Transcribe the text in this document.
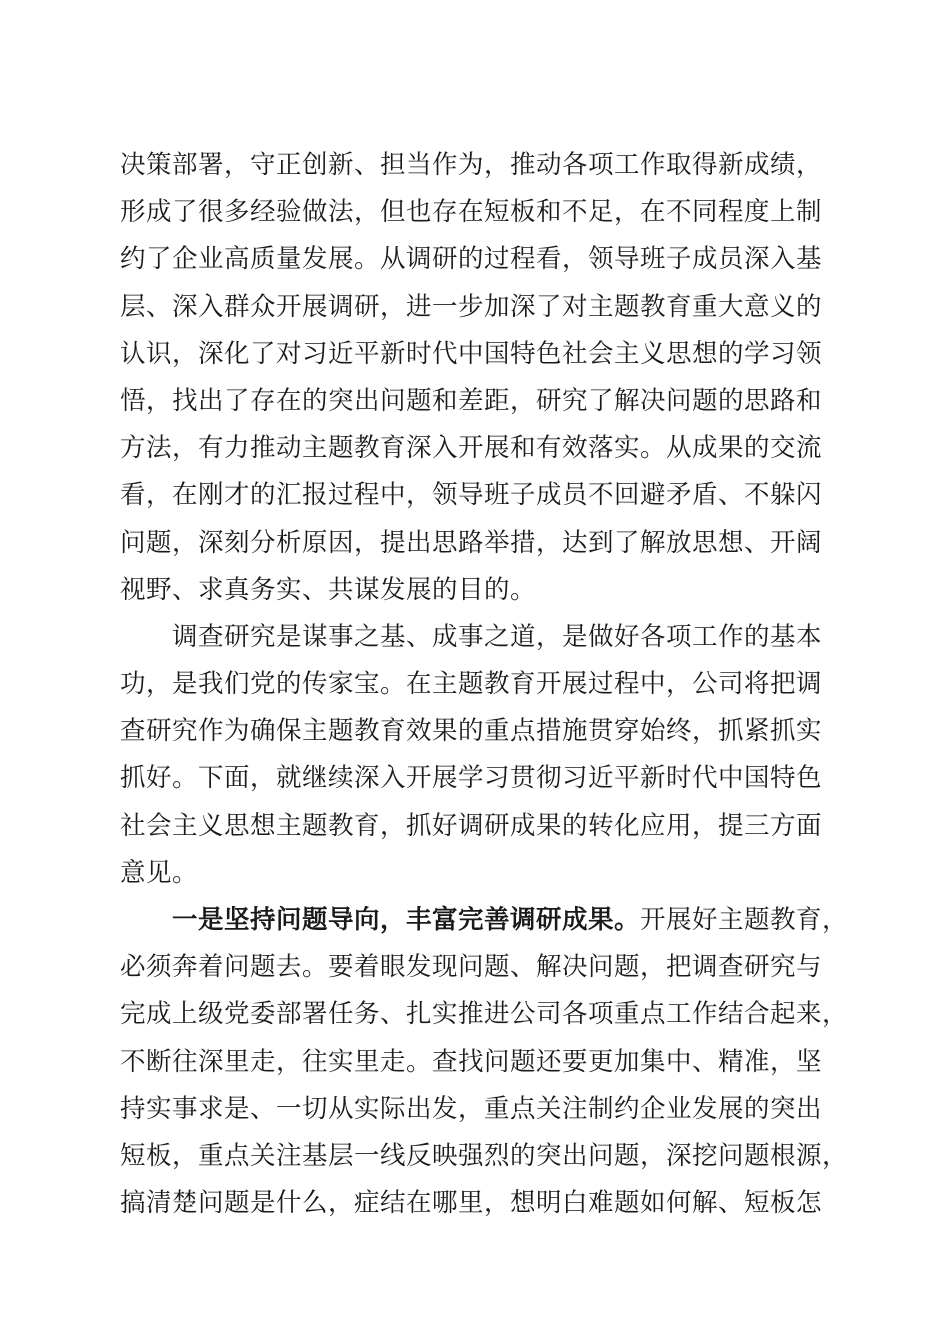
决策部署，守正创新、担当作为，推动各项工作取得新成绩，
形成了很多经验做法，但也存在短板和不足，在不同程度上制
约了企业高质量发展。从调研的过程看，领导班子成员深入基
层、深入群众开展调研，进一步加深了对主题教育重大意义的
认识，深化了对习近平新时代中国特色社会主义思想的学习领
悟，找出了存在的突出问题和差距，研究了解决问题的思路和
方法，有力推动主题教育深入开展和有效落实。从成果的交流
看，在刚才的汇报过程中，领导班子成员不回避矛盾、不躲闪
问题，深刻分析原因，提出思路举措，达到了解放思想、开阔
视野、求真务实、共谋发展的目的。
调查研究是谋事之基、成事之道，是做好各项工作的基本
功，是我们党的传家宝。在主题教育开展过程中，公司将把调
查研究作为确保主题教育效果的重点措施贯穿始终，抓紧抓实
抓好。下面，就继续深入开展学习贯彻习近平新时代中国特色
社会主义思想主题教育，抓好调研成果的转化应用，提三方面
意见。
一是坚持问题导向，丰富完善调研成果。开展好主题教育，
必须奔着问题去。要着眼发现问题、解决问题，把调查研究与
完成上级党委部署任务、扎实推进公司各项重点工作结合起来，
不断往深里走，往实里走。查找问题还要更加集中、精准，坚
持实事求是、一切从实际出发，重点关注制约企业发展的突出
短板，重点关注基层一线反映强烈的突出问题，深挖问题根源，
搞清楚问题是什么，症结在哪里，想明白难题如何解、短板怎
